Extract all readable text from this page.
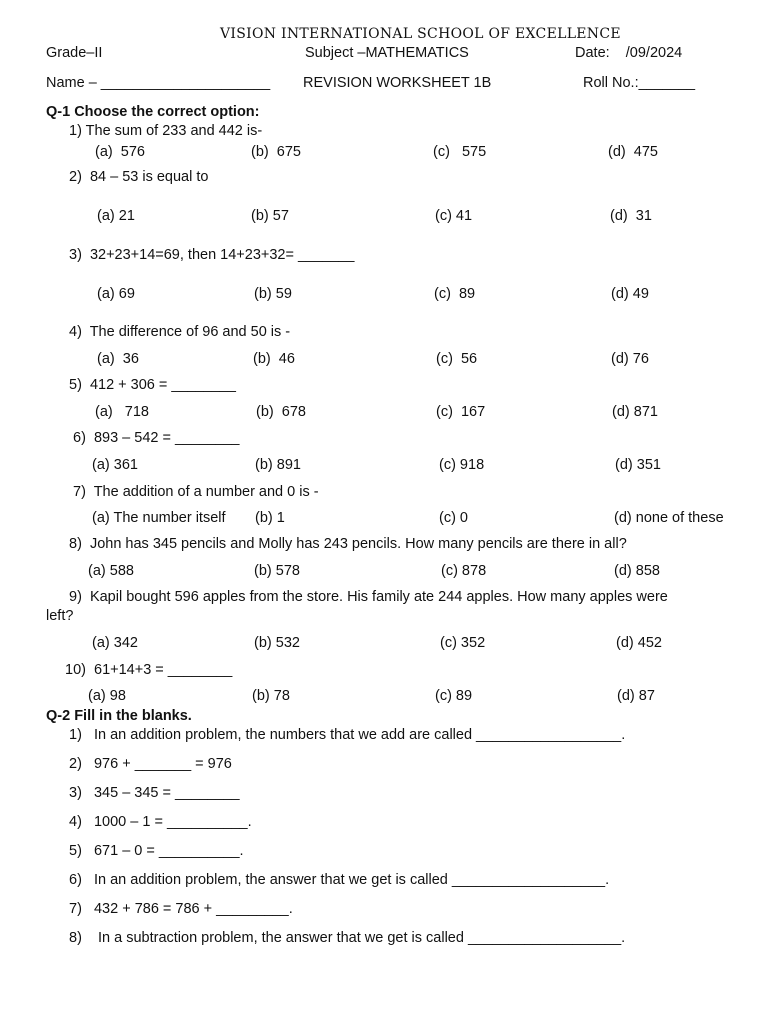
VISION INTERNATIONAL SCHOOL OF EXCELLENCE
Grade–II	Subject –MATHEMATICS	Date:    /09/2024
Name – _____________________ REVISION WORKSHEET 1B	Roll No.:_______
Q-1 Choose the correct option:
1) The sum of 233 and 442 is-
(a)  576	(b)  675	(c)   575	(d)  475
2)  84 – 53 is equal to
(a) 21	(b) 57	(c) 41	(d)  31
3)  32+23+14=69, then 14+23+32= _______
(a) 69	(b) 59	(c)  89	(d) 49
4)  The difference of 96 and 50 is -
(a)  36	(b)  46	(c)  56	(d) 76
5)  412 + 306 = ________
(a)   718	(b)  678	(c)  167	(d) 871
6)  893 – 542 = ________
(a) 361	(b) 891	(c) 918	(d) 351
7)  The addition of a number and 0 is -
(a) The number itself (b) 1	(c) 0	(d) none of these
8)  John has 345 pencils and Molly has 243 pencils. How many pencils are there in all?
(a) 588	(b) 578	(c) 878	(d) 858
9)  Kapil bought 596 apples from the store. His family ate 244 apples. How many apples were
left?
(a) 342	(b) 532	(c) 352	(d) 452
10)  61+14+3 = ________
(a) 98	(b) 78	(c) 89	(d) 87
Q-2 Fill in the blanks.
1)   In an addition problem, the numbers that we add are called __________________.
2)   976 + _______ = 976
3)   345 – 345 = ________
4)   1000 – 1 = __________.
5)   671 – 0 = __________.
6)   In an addition problem, the answer that we get is called ___________________.
7)   432 + 786 = 786 + _________.
8)    In a subtraction problem, the answer that we get is called ___________________.
